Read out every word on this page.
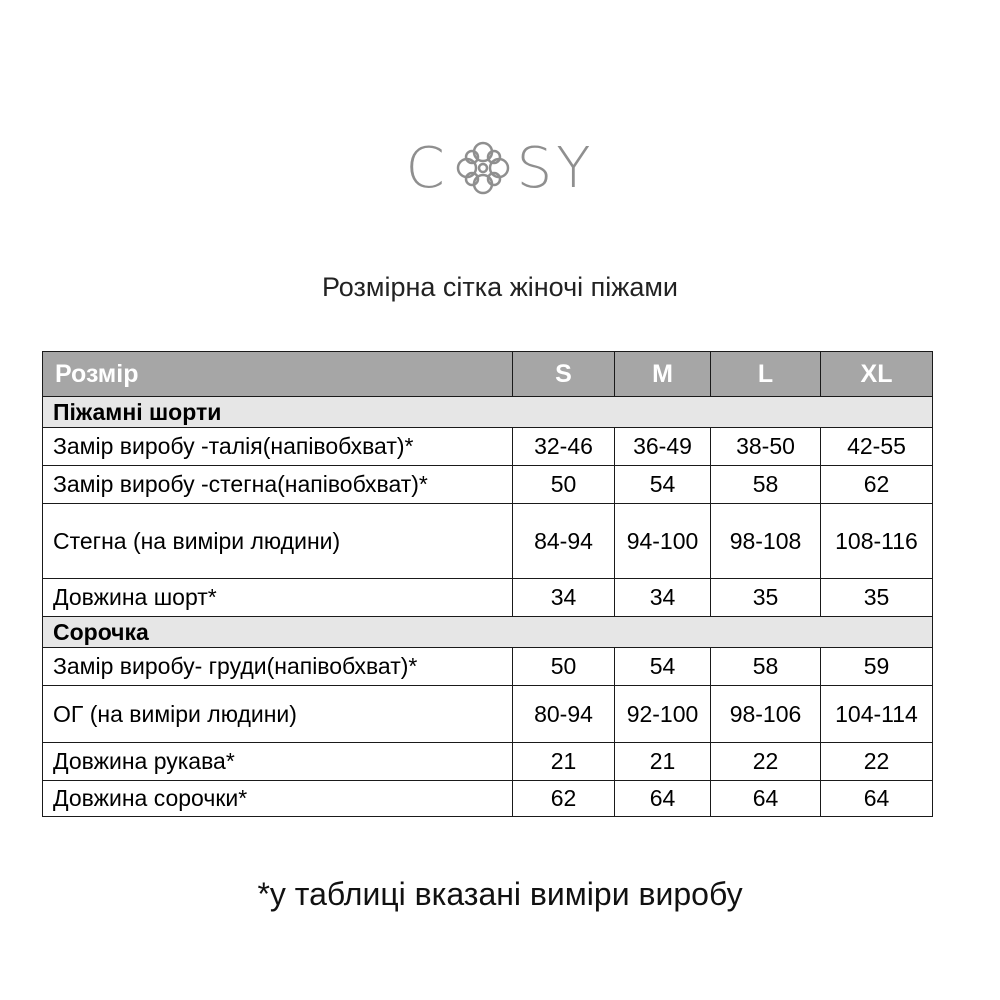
C SY
Розмірна сітка жіночі піжами
Розмір	S	M	L	XL
Піжамні шорти				
Замір виробу -талія(напівобхват)*	32-46	36-49	38-50	42-55
Замір виробу -стегна(напівобхват)*	50	54	58	62
Стегна (на виміри людини)	84-94	94-100	98-108	108-116
Довжина шорт*	34	34	35	35
Сорочка				
Замір виробу- груди(напівобхват)*	50	54	58	59
ОГ (на виміри людини)	80-94	92-100	98-106	104-114
Довжина рукава*	21	21	22	22
Довжина сорочки*	62	64	64	64
*у таблиці вказані виміри виробу
